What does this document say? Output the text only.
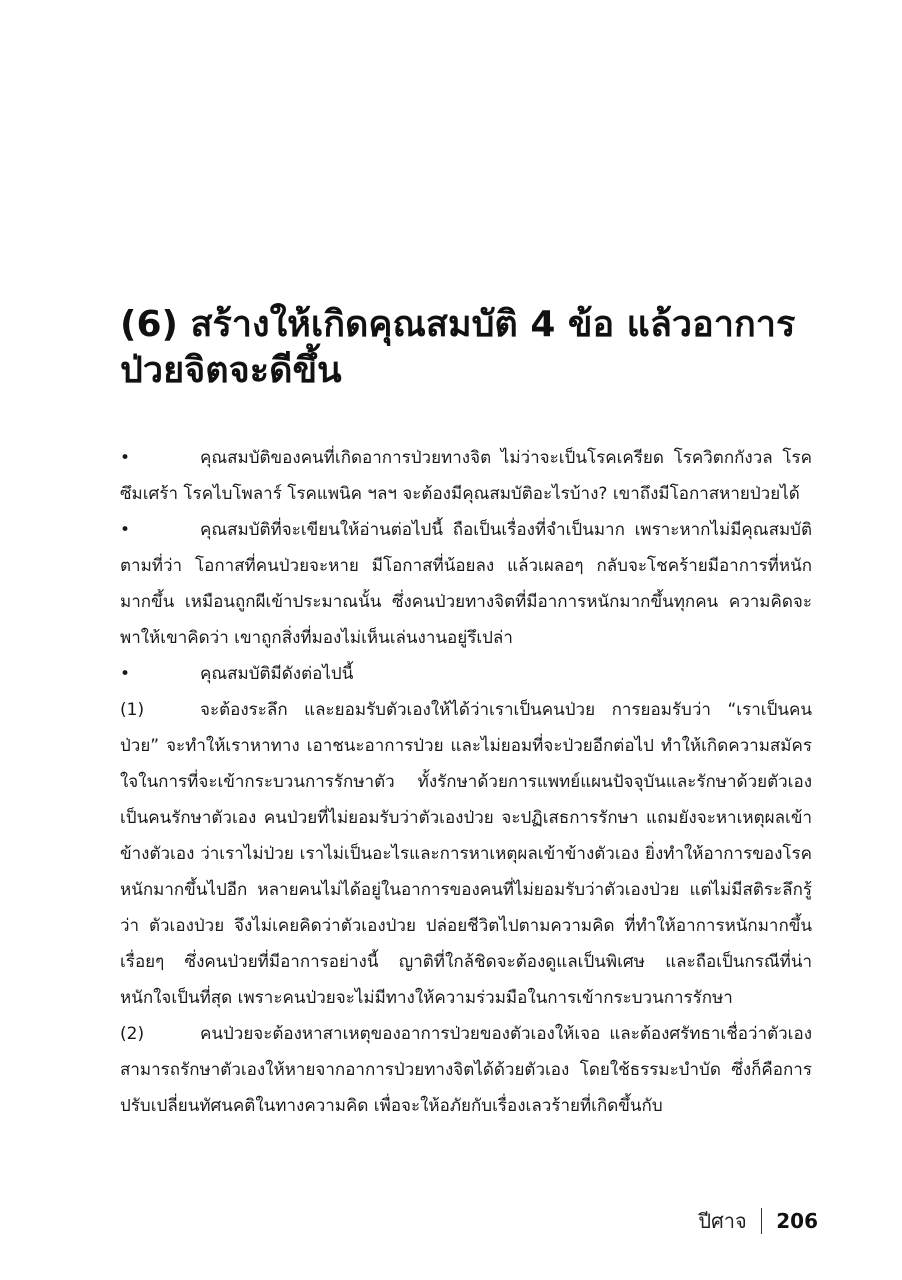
(6) สร้างให้เกิดคุณสมบัติ 4 ข้อ แล้วอาการ
ป่วยจิตจะดีขึ้น

•	คุณสมบัติของคนที่เกิดอาการป่วยทางจิต ไม่ว่าจะเป็นโรคเครียด โรควิตกกังวล โรคซึมเศร้า โรคไบโพลาร์ โรคแพนิค ฯลฯ จะต้องมีคุณสมบัติอะไรบ้าง? เขาถึงมีโอกาสหายป่วยได้

•	คุณสมบัติที่จะเขียนให้อ่านต่อไปนี้ ถือเป็นเรื่องที่จำเป็นมาก เพราะหากไม่มีคุณสมบัติตามที่ว่า โอกาสที่คนป่วยจะหาย มีโอกาสที่น้อยลง แล้วเผลอๆ กลับจะโชคร้ายมีอาการที่หนักมากขึ้น เหมือนถูกผีเข้าประมาณนั้น ซึ่งคนป่วยทางจิตที่มีอาการหนักมากขึ้นทุกคน ความคิดจะพาให้เขาคิดว่า เขาถูกสิ่งที่มองไม่เห็นเล่นงานอยู่รึเปล่า

•	คุณสมบัติมีดังต่อไปนี้

(1)	จะต้องระลึก และยอมรับตัวเองให้ได้ว่าเราเป็นคนป่วย การยอมรับว่า “เราเป็นคนป่วย” จะทำให้เราหาทาง เอาชนะอาการป่วย และไม่ยอมที่จะป่วยอีกต่อไป ทำให้เกิดความสมัครใจในการที่จะเข้ากระบวนการรักษาตัว ทั้งรักษาด้วยการแพทย์แผนปัจจุบันและรักษาด้วยตัวเองเป็นคนรักษาตัวเอง คนป่วยที่ไม่ยอมรับว่าตัวเองป่วย จะปฏิเสธการรักษา แถมยังจะหาเหตุผลเข้าข้างตัวเอง ว่าเราไม่ป่วย เราไม่เป็นอะไรและการหาเหตุผลเข้าข้างตัวเอง ยิ่งทำให้อาการของโรคหนักมากขึ้นไปอีก หลายคนไม่ได้อยู่ในอาการของคนที่ไม่ยอมรับว่าตัวเองป่วย แต่ไม่มีสติระลึกรู้ว่า ตัวเองป่วย จึงไม่เคยคิดว่าตัวเองป่วย ปล่อยชีวิตไปตามความคิด ที่ทำให้อาการหนักมากขึ้นเรื่อยๆ ซึ่งคนป่วยที่มีอาการอย่างนี้ ญาติที่ใกล้ชิดจะต้องดูแลเป็นพิเศษ และถือเป็นกรณีที่น่าหนักใจเป็นที่สุด เพราะคนป่วยจะไม่มีทางให้ความร่วมมือในการเข้ากระบวนการรักษา

(2)	คนป่วยจะต้องหาสาเหตุของอาการป่วยของตัวเองให้เจอ และต้องศรัทธาเชื่อว่าตัวเองสามารถรักษาตัวเองให้หายจากอาการป่วยทางจิตได้ด้วยตัวเอง โดยใช้ธรรมะบำบัด ซึ่งก็คือการปรับเปลี่ยนทัศนคติในทางความคิด เพื่อจะให้อภัยกับเรื่องเลวร้ายที่เกิดขึ้นกับ

ปีศาจ 206
